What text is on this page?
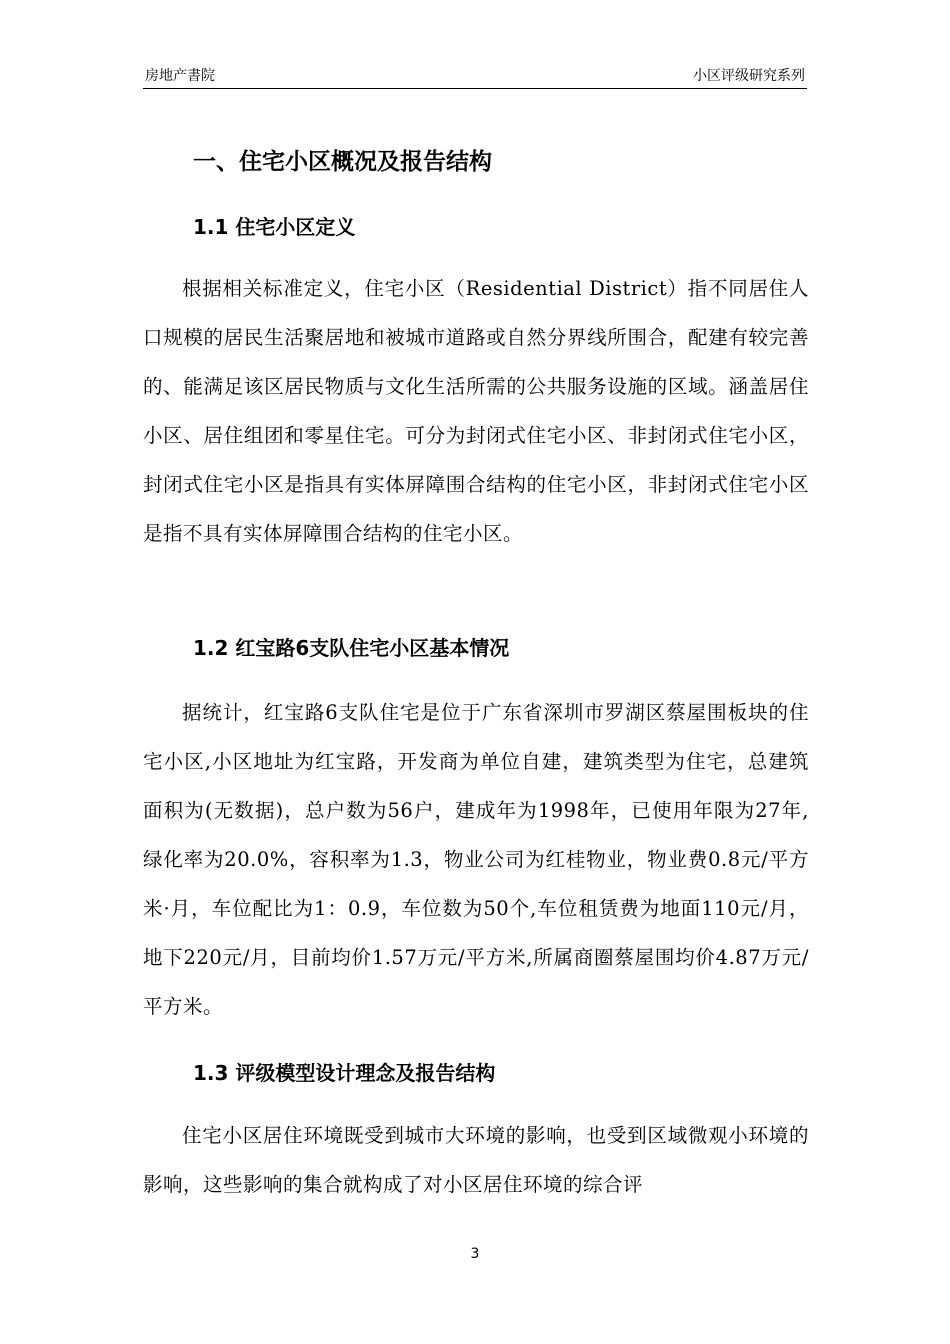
房地产書院	小区评级研究系列
一、住宅小区概况及报告结构
1.1 住宅小区定义
根据相关标准定义，住宅小区（Residential District）指不同居住人口规模的居民生活聚居地和被城市道路或自然分界线所围合，配建有较完善的、能满足该区居民物质与文化生活所需的公共服务设施的区域。涵盖居住小区、居住组团和零星住宅。可分为封闭式住宅小区、非封闭式住宅小区，封闭式住宅小区是指具有实体屏障围合结构的住宅小区，非封闭式住宅小区是指不具有实体屏障围合结构的住宅小区。
1.2 红宝路6支队住宅小区基本情况
据统计，红宝路6支队住宅是位于广东省深圳市罗湖区蔡屋围板块的住宅小区,小区地址为红宝路，开发商为单位自建，建筑类型为住宅，总建筑面积为(无数据)，总户数为56户，建成年为1998年，已使用年限为27年,绿化率为20.0%，容积率为1.3，物业公司为红桂物业，物业费0.8元/平方米·月，车位配比为1：0.9，车位数为50个,车位租赁费为地面110元/月，地下220元/月，目前均价1.57万元/平方米,所属商圈蔡屋围均价4.87万元/平方米。
1.3 评级模型设计理念及报告结构
住宅小区居住环境既受到城市大环境的影响，也受到区域微观小环境的影响，这些影响的集合就构成了对小区居住环境的综合评
3
